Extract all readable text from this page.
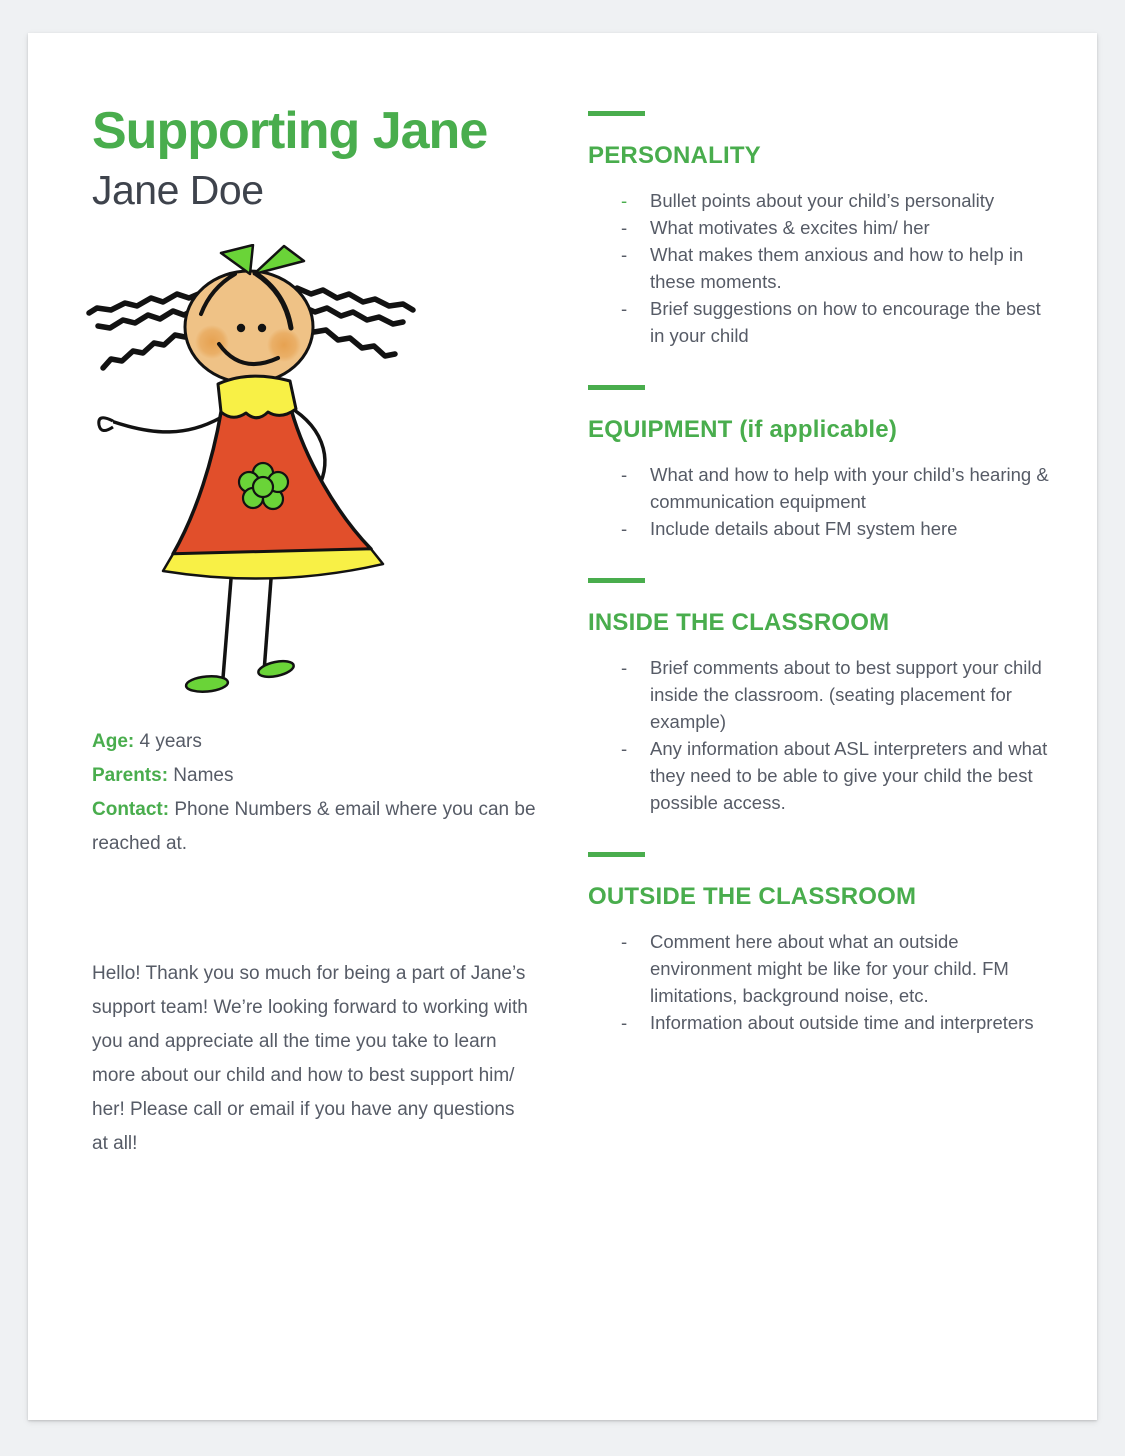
Supporting Jane
Jane Doe
Age: 4 years
Parents: Names
Contact: Phone Numbers & email where you can be reached at.

Hello! Thank you so much for being a part of Jane’s support team! We’re looking forward to working with you and appreciate all the time you take to learn more about our child and how to best support him/ her! Please call or email if you have any questions at all!

PERSONALITY
- Bullet points about your child’s personality
- What motivates & excites him/ her
- What makes them anxious and how to help in these moments.
- Brief suggestions on how to encourage the best in your child
EQUIPMENT (if applicable)
- What and how to help with your child’s hearing & communication equipment
- Include details about FM system here
INSIDE THE CLASSROOM
- Brief comments about to best support your child inside the classroom. (seating placement for example)
- Any information about ASL interpreters and what they need to be able to give your child the best possible access.
OUTSIDE THE CLASSROOM
- Comment here about what an outside environment might be like for your child. FM limitations, background noise, etc.
- Information about outside time and interpreters
